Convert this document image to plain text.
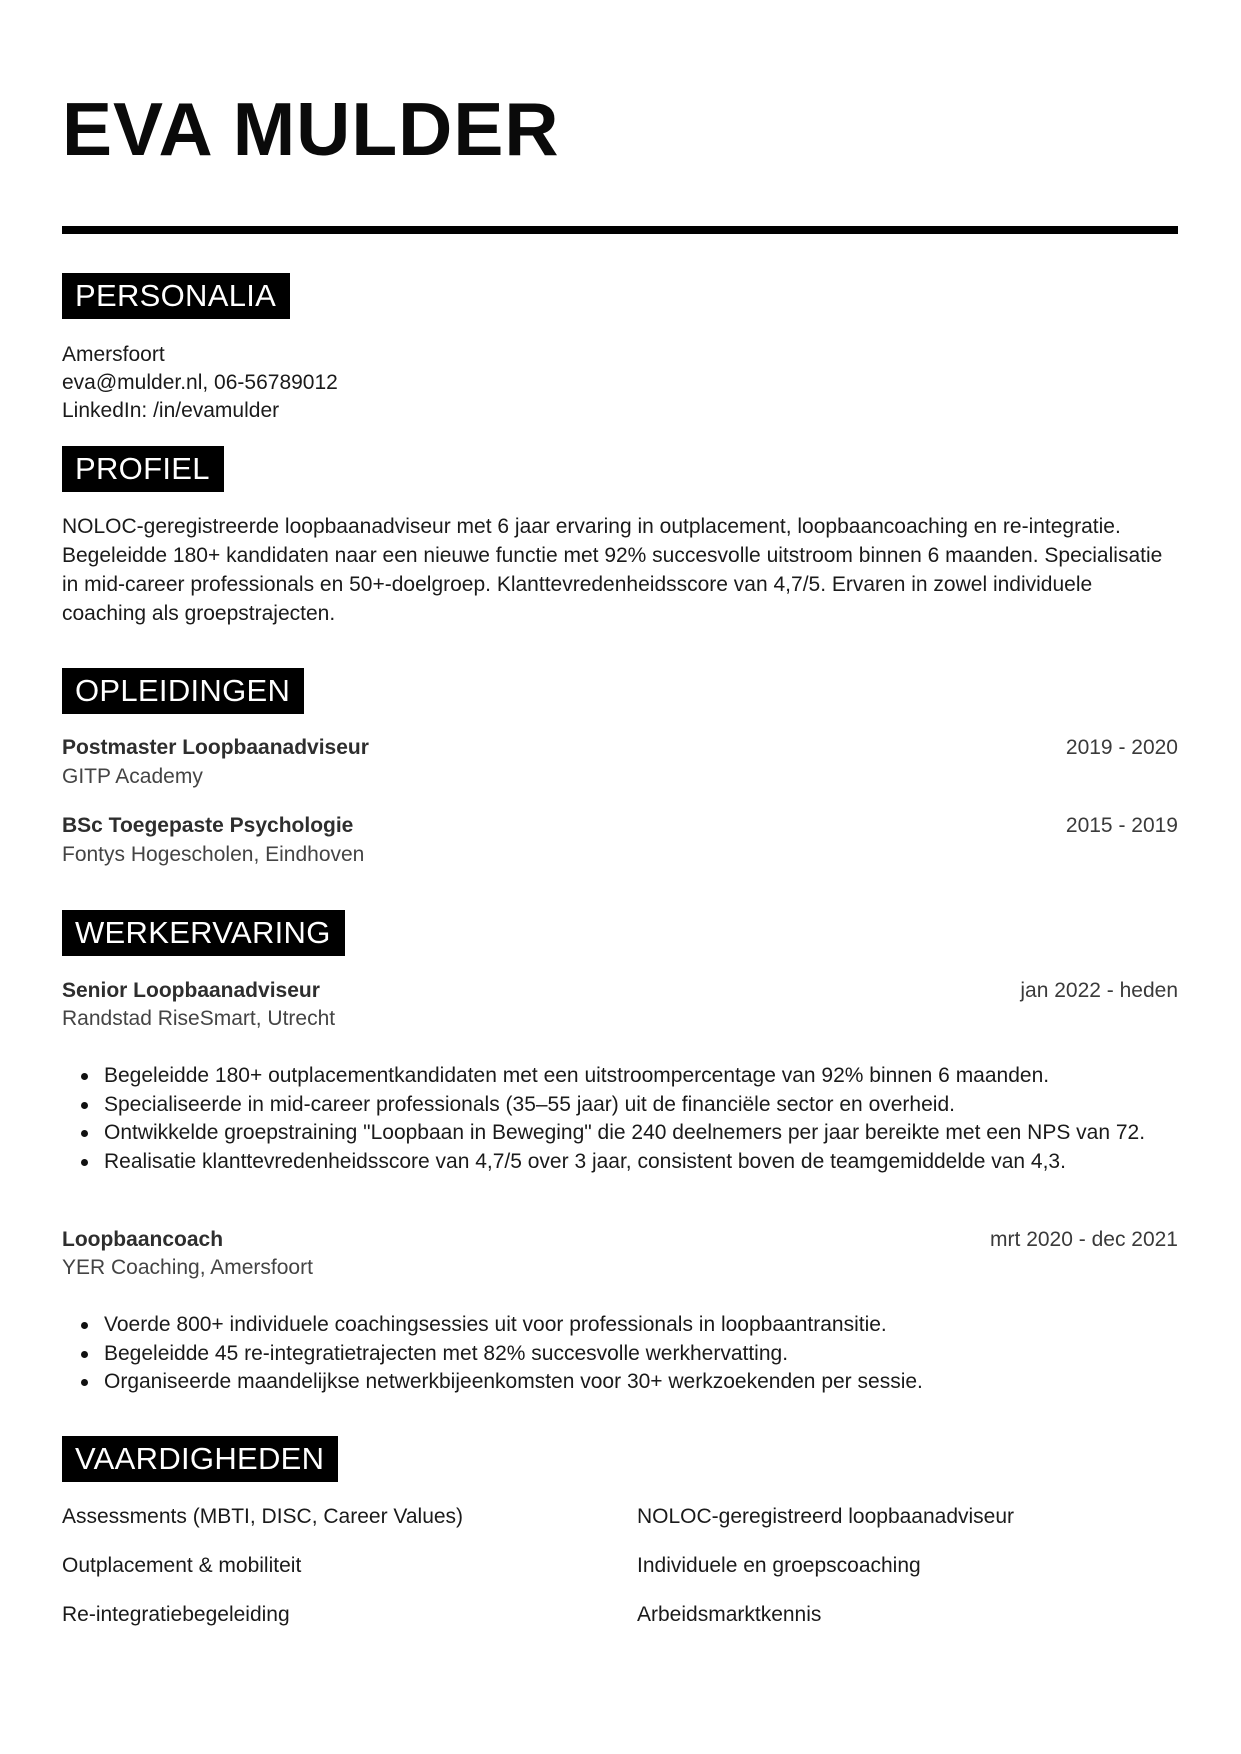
EVA MULDER
PERSONALIA
Amersfoort
eva@mulder.nl, 06-56789012
LinkedIn: /in/evamulder
PROFIEL

NOLOC-geregistreerde loopbaanadviseur met 6 jaar ervaring in outplacement, loopbaancoaching en re-integratie. Begeleidde 180+ kandidaten naar een nieuwe functie met 92% succesvolle uitstroom binnen 6 maanden. Specialisatie in mid-career professionals en 50+-doelgroep. Klanttevredenheidsscore van 4,7/5. Ervaren in zowel individuele coaching als groepstrajecten.

OPLEIDINGEN
Postmaster Loopbaanadviseur	2019 - 2020
GITP Academy
BSc Toegepaste Psychologie	2015 - 2019
Fontys Hogescholen, Eindhoven
WERKERVARING
Senior Loopbaanadviseur	jan 2022 - heden
Randstad RiseSmart, Utrecht
Begeleidde 180+ outplacementkandidaten met een uitstroompercentage van 92% binnen 6 maanden.
Specialiseerde in mid-career professionals (35–55 jaar) uit de financiële sector en overheid.
Ontwikkelde groepstraining "Loopbaan in Beweging" die 240 deelnemers per jaar bereikte met een NPS van 72.
Realisatie klanttevredenheidsscore van 4,7/5 over 3 jaar, consistent boven de teamgemiddelde van 4,3.
Loopbaancoach	mrt 2020 - dec 2021
YER Coaching, Amersfoort
Voerde 800+ individuele coachingsessies uit voor professionals in loopbaantransitie.
Begeleidde 45 re-integratietrajecten met 82% succesvolle werkhervatting.
Organiseerde maandelijkse netwerkbijeenkomsten voor 30+ werkzoekenden per sessie.
VAARDIGHEDEN
Assessments (MBTI, DISC, Career Values)	NOLOC-geregistreerd loopbaanadviseur
Outplacement & mobiliteit	Individuele en groepscoaching
Re-integratiebegeleiding	Arbeidsmarktkennis
